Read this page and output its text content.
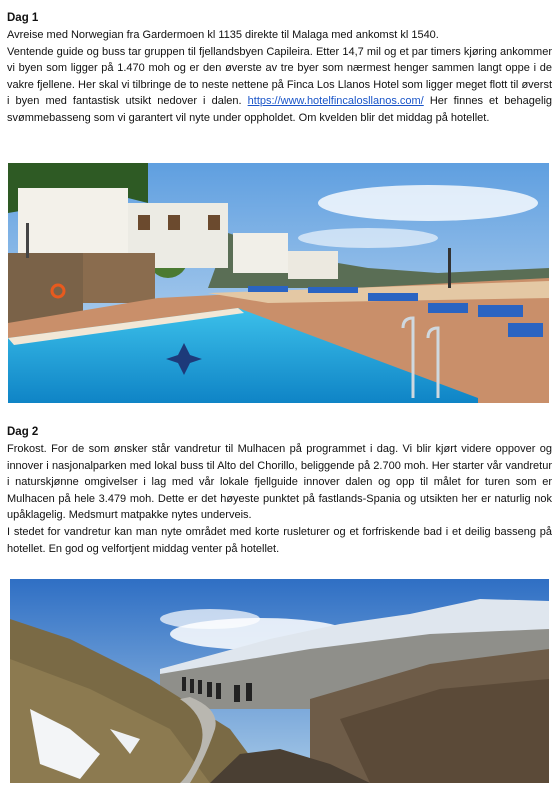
Dag 1

Avreise med Norwegian fra Gardermoen kl 1135 direkte til Malaga med ankomst kl 1540.

Ventende guide og buss tar gruppen til fjellandsbyen Capileira. Etter 14,7 mil og et par timers kjøring ankommer vi byen som ligger på 1.470 moh og er den øverste av tre byer som nærmest henger sammen langt oppe i de vakre fjellene. Her skal vi tilbringe de to neste nettene på Finca Los Llanos Hotel som ligger meget flott til øverst i byen med fantastisk utsikt nedover i dalen. https://www.hotelfincalosllanos.com/ Her finnes et behagelig svømmebasseng som vi garantert vil nyte under oppholdet. Om kvelden blir det middag på hotellet.

Dag 2

Frokost. For de som ønsker står vandretur til Mulhacen på programmet i dag. Vi blir kjørt videre oppover og innover i nasjonalparken med lokal buss til Alto del Chorillo, beliggende på 2.700 moh. Her starter vår vandretur i naturskjønne omgivelser i lag med vår lokale fjellguide innover dalen og opp til målet for turen som er Mulhacen på hele 3.479 moh. Dette er det høyeste punktet på fastlands-Spania og utsikten her er naturlig nok upåklagelig. Medsmurt matpakke nytes underveis.

I stedet for vandretur kan man nyte området med korte rusleturer og et forfriskende bad i et deilig basseng på hotellet. En god og velfortjent middag venter på hotellet.
